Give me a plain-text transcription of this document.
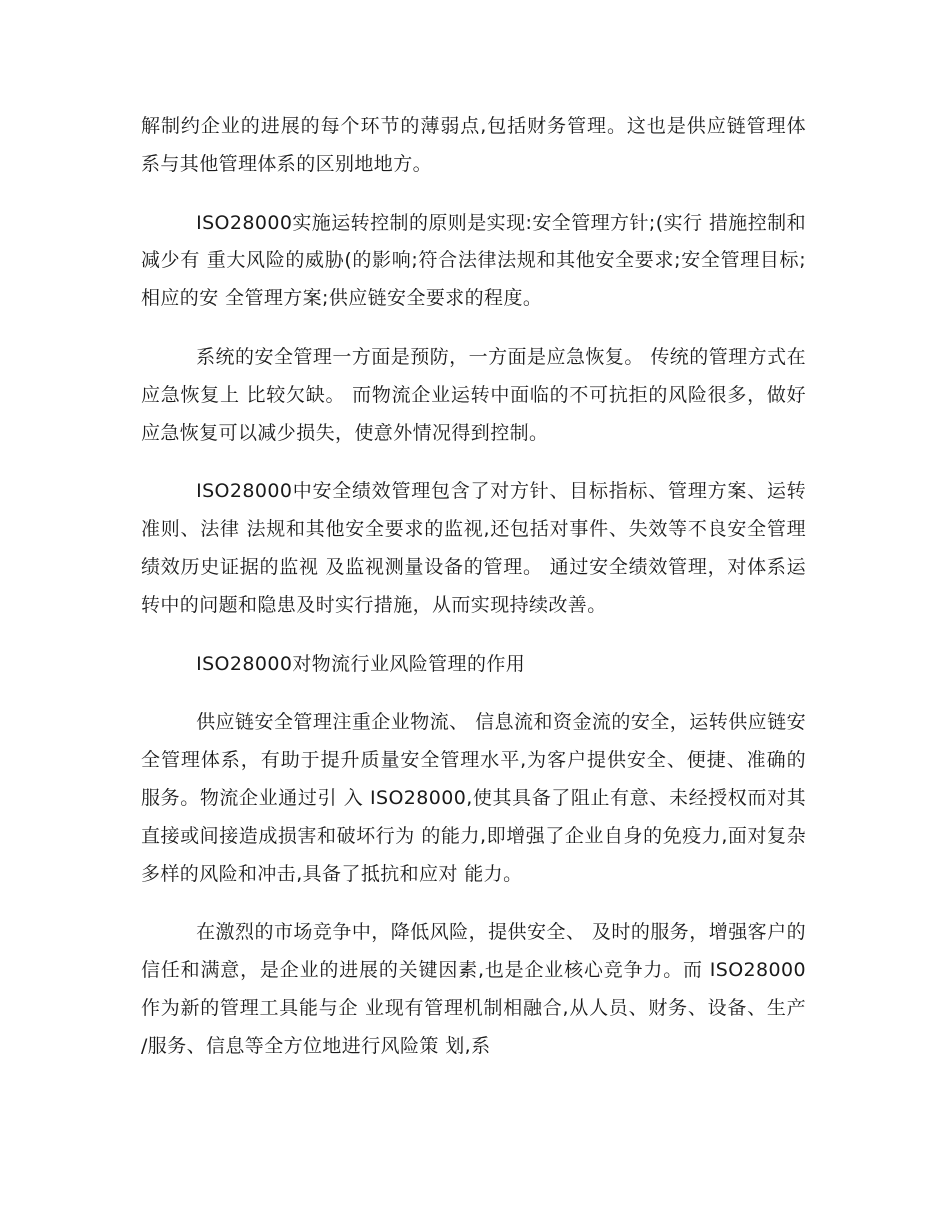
解制约企业的进展的每个环节的薄弱点,包括财务管理。这也是供应链管理体 系与其他管理体系的区别地地方。

ISO28000实施运转控制的原则是实现:安全管理方针;(实行 措施控制和减少有 重大风险的威胁(的影响;符合法律法规和其他安全要求;安全管理目标;相应的安 全管理方案;供应链安全要求的程度。

系统的安全管理一方面是预防，一方面是应急恢复。 传统的管理方式在应急恢复上 比较欠缺。 而物流企业运转中面临的不可抗拒的风险很多，做好应急恢复可以减少损失，使意外情况得到控制。

ISO28000中安全绩效管理包含了对方针、目标指标、管理方案、运转准则、法律 法规和其他安全要求的监视,还包括对事件、失效等不良安全管理绩效历史证据的监视 及监视测量设备的管理。 通过安全绩效管理，对体系运转中的问题和隐患及时实行措施，从而实现持续改善。

ISO28000对物流行业风险管理的作用

供应链安全管理注重企业物流、 信息流和资金流的安全，运转供应链安全管理体系，有助于提升质量安全管理水平,为客户提供安全、便捷、准确的服务。物流企业通过引 入 ISO28000,使其具备了阻止有意、未经授权而对其直接或间接造成损害和破坏行为 的能力,即增强了企业自身的免疫力,面对复杂多样的风险和冲击,具备了抵抗和应对 能力。

在激烈的市场竞争中，降低风险，提供安全、 及时的服务，增强客户的信任和满意，是企业的进展的关键因素,也是企业核心竞争力。而 ISO28000作为新的管理工具能与企 业现有管理机制相融合,从人员、财务、设备、生产 /服务、信息等全方位地进行风险策 划,系
